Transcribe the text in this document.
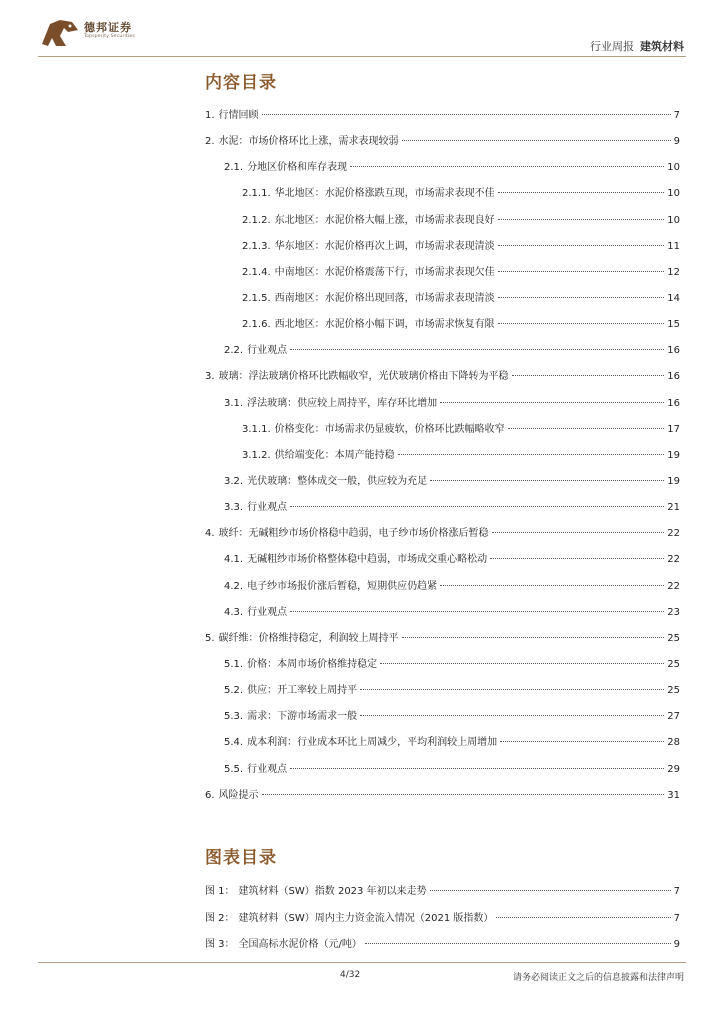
德邦证券
Topsperity Securities
行业周报 建筑材料
内容目录
1. 行情回顾	7
2. 水泥：市场价格环比上涨，需求表现较弱	9
2.1. 分地区价格和库存表现	10
2.1.1. 华北地区：水泥价格涨跌互现，市场需求表现不佳	10
2.1.2. 东北地区：水泥价格大幅上涨，市场需求表现良好	10
2.1.3. 华东地区：水泥价格再次上调，市场需求表现清淡	11
2.1.4. 中南地区：水泥价格震荡下行，市场需求表现欠佳	12
2.1.5. 西南地区：水泥价格出现回落，市场需求表现清淡	14
2.1.6. 西北地区：水泥价格小幅下调，市场需求恢复有限	15
2.2. 行业观点	16
3. 玻璃：浮法玻璃价格环比跌幅收窄，光伏玻璃价格由下降转为平稳	16
3.1. 浮法玻璃：供应较上周持平，库存环比增加	16
3.1.1. 价格变化：市场需求仍显疲软，价格环比跌幅略收窄	17
3.1.2. 供给端变化：本周产能持稳	19
3.2. 光伏玻璃：整体成交一般，供应较为充足	19
3.3. 行业观点	21
4. 玻纤：无碱粗纱市场价格稳中趋弱，电子纱市场价格涨后暂稳	22
4.1. 无碱粗纱市场价格整体稳中趋弱，市场成交重心略松动	22
4.2. 电子纱市场报价涨后暂稳，短期供应仍趋紧	22
4.3. 行业观点	23
5. 碳纤维：价格维持稳定，利润较上周持平	25
5.1. 价格：本周市场价格维持稳定	25
5.2. 供应：开工率较上周持平	25
5.3. 需求：下游市场需求一般	27
5.4. 成本利润：行业成本环比上周减少，平均利润较上周增加	28
5.5. 行业观点	29
6. 风险提示	31
图表目录
图 1： 建筑材料（SW）指数 2023 年初以来走势	7
图 2： 建筑材料（SW）周内主力资金流入情况（2021 版指数）	7
图 3： 全国高标水泥价格（元/吨）	9
4/32	请务必阅读正文之后的信息披露和法律声明
